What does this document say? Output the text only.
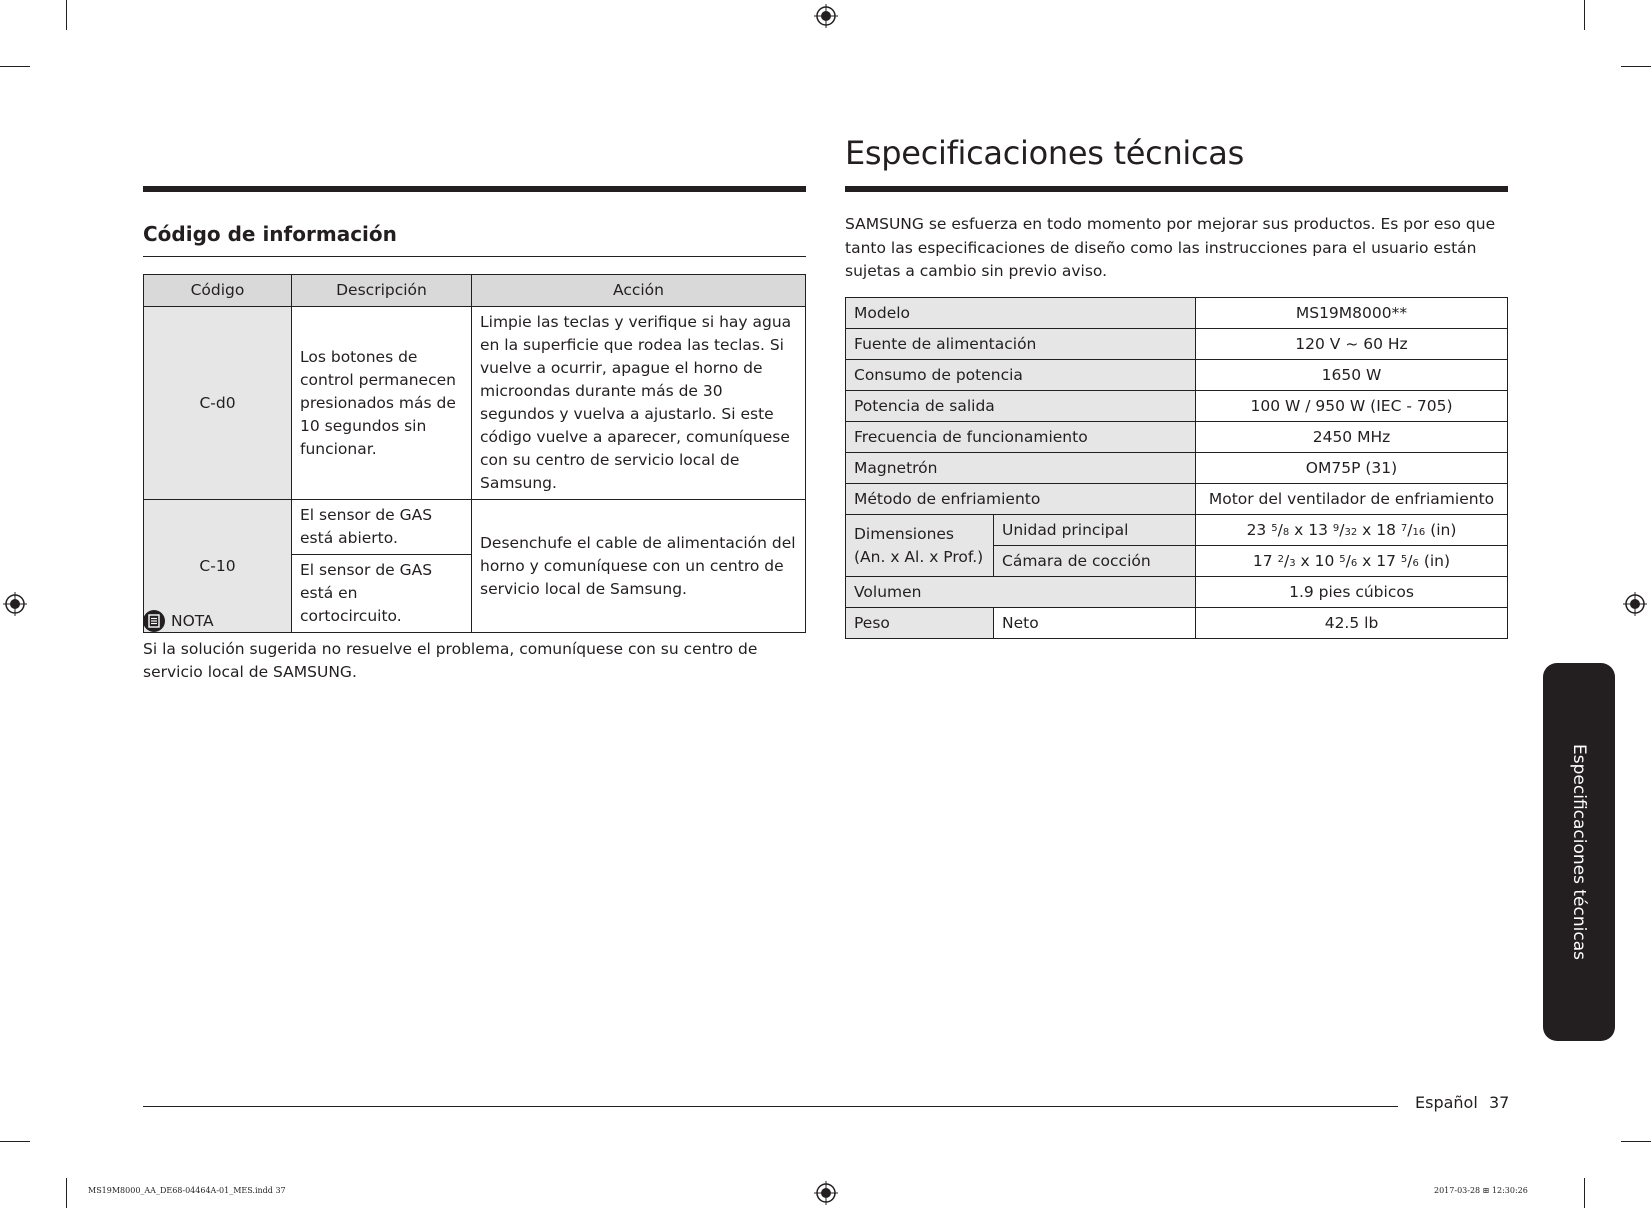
Especificaciones técnicas
Código de información
Código	Descripción	Acción
C-d0	Los botones de control permanecen presionados más de 10 segundos sin funcionar.	Limpie las teclas y verifique si hay agua en la superficie que rodea las teclas. Si vuelve a ocurrir, apague el horno de microondas durante más de 30 segundos y vuelva a ajustarlo. Si este código vuelve a aparecer, comuníquese con su centro de servicio local de Samsung.
C-10	El sensor de GAS está abierto.	Desenchufe el cable de alimentación del horno y comuníquese con un centro de servicio local de Samsung.
	El sensor de GAS está en cortocircuito.	
NOTA

Si la solución sugerida no resuelve el problema, comuníquese con su centro de servicio local de SAMSUNG.

SAMSUNG se esfuerza en todo momento por mejorar sus productos. Es por eso que tanto las especificaciones de diseño como las instrucciones para el usuario están sujetas a cambio sin previo aviso.

Modelo		MS19M8000**
Fuente de alimentación		120 V ~ 60 Hz
Consumo de potencia		1650 W
Potencia de salida		100 W / 950 W (IEC - 705)
Frecuencia de funcionamiento		2450 MHz
Magnetrón		OM75P (31)
Método de enfriamiento		Motor del ventilador de enfriamiento
Dimensiones (An. x Al. x Prof.)	Unidad principal	23 $^5$/8 x 13 $^9$/32 x 18 $^7$/16 (in)
	Cámara de cocción	17 $^2$/3 x 10 $^5$/6 x 17 $^5$/6 (in)
Volumen		1.9 pies cúbicos
Peso	Neto	42.5 lb
Especificaciones técnicas
Español 37
MS19M8000_AA_DE68-04464A-01_MES.indd 37	2017-03-28 ⊞ 12:30:26
